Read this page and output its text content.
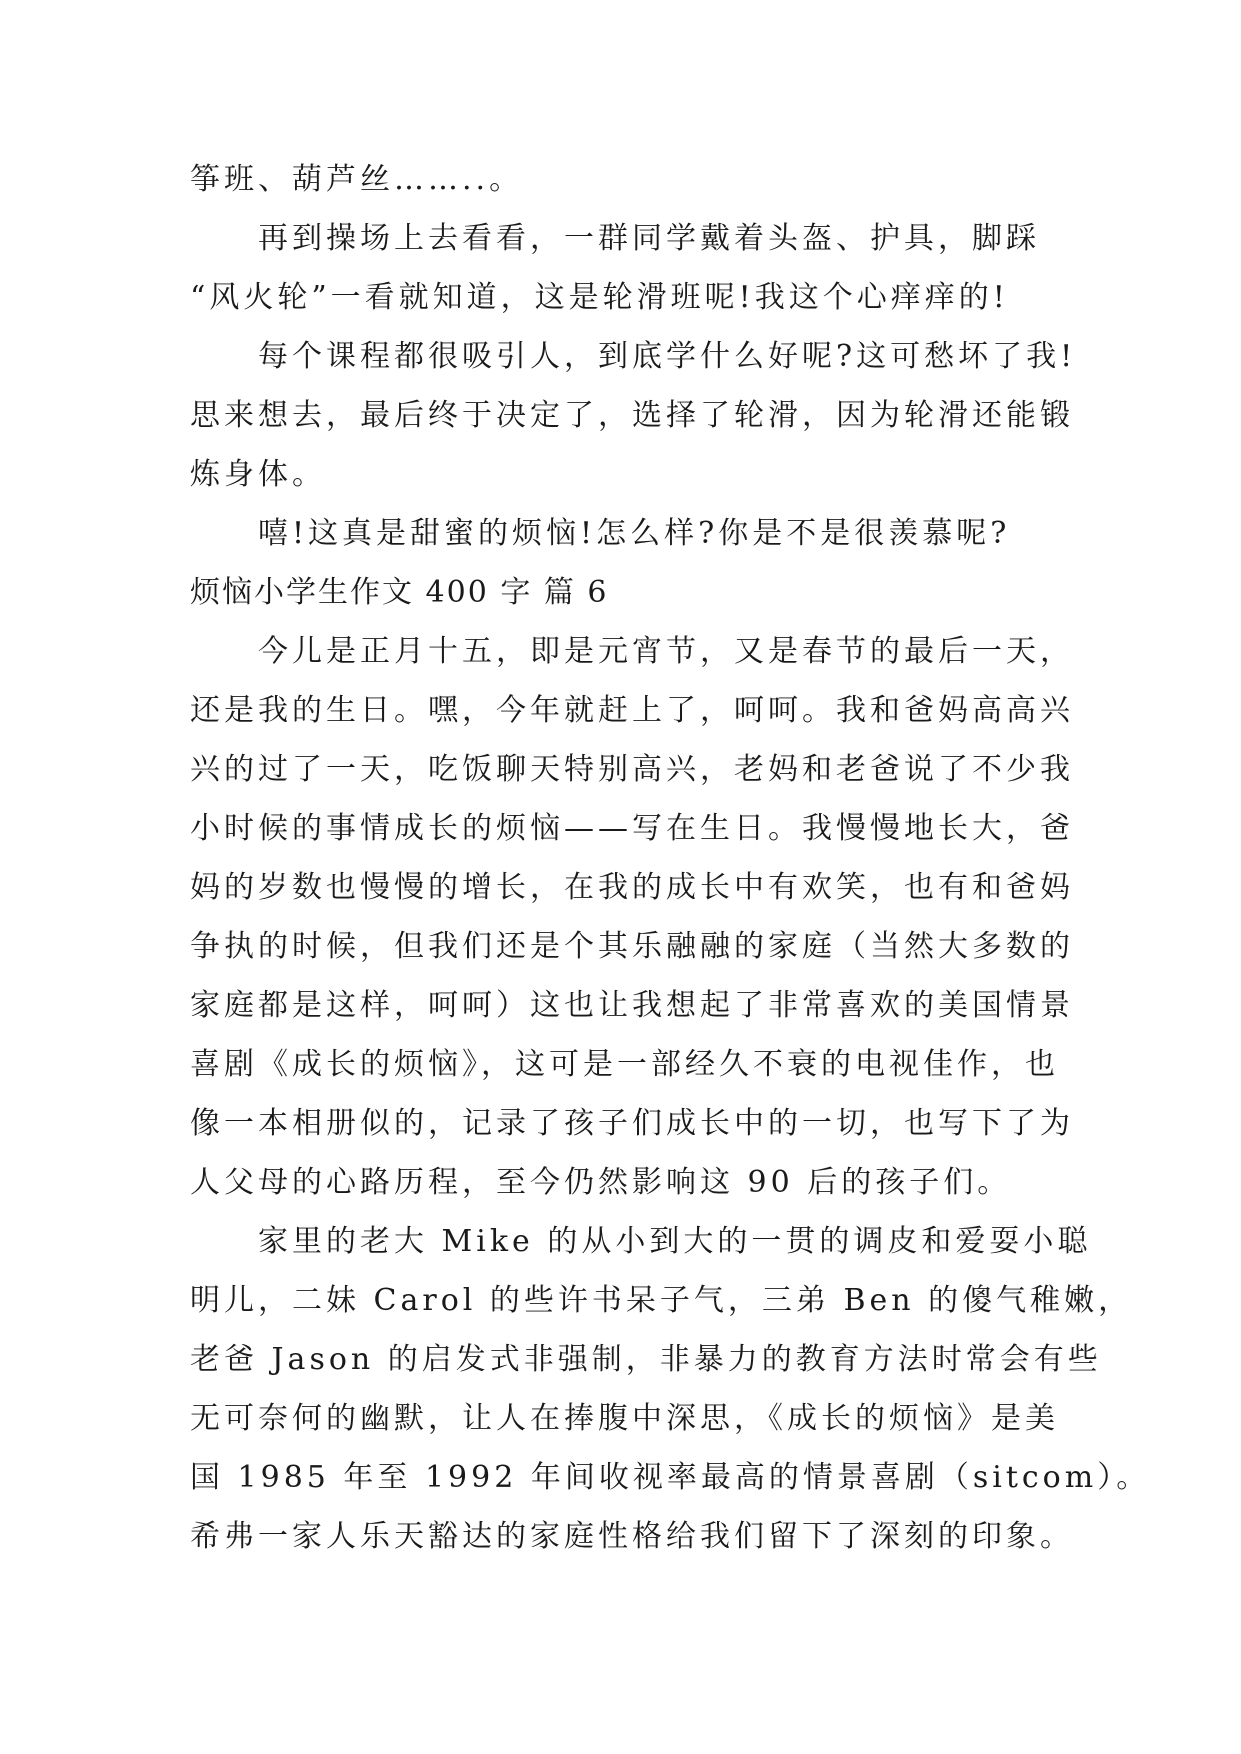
筝班、葫芦丝……..。
再到操场上去看看，一群同学戴着头盔、护具，脚踩
“风火轮”一看就知道，这是轮滑班呢!我这个心痒痒的!
每个课程都很吸引人，到底学什么好呢?这可愁坏了我!
思来想去，最后终于决定了，选择了轮滑，因为轮滑还能锻
炼身体。
嘻!这真是甜蜜的烦恼!怎么样?你是不是很羡慕呢?
烦恼小学生作文 400 字 篇 6
今儿是正月十五，即是元宵节，又是春节的最后一天，
还是我的生日。嘿，今年就赶上了，呵呵。我和爸妈高高兴
兴的过了一天，吃饭聊天特别高兴，老妈和老爸说了不少我
小时候的事情成长的烦恼——写在生日。我慢慢地长大，爸
妈的岁数也慢慢的增长，在我的成长中有欢笑，也有和爸妈
争执的时候，但我们还是个其乐融融的家庭（当然大多数的
家庭都是这样，呵呵）这也让我想起了非常喜欢的美国情景
喜剧《成长的烦恼》，这可是一部经久不衰的电视佳作，也
像一本相册似的，记录了孩子们成长中的一切，也写下了为
人父母的心路历程，至今仍然影响这 90 后的孩子们。
家里的老大 Mike 的从小到大的一贯的调皮和爱耍小聪
明儿，二妹 Carol 的些许书呆子气，三弟 Ben 的傻气稚嫩，
老爸 Jason 的启发式非强制，非暴力的教育方法时常会有些
无可奈何的幽默，让人在捧腹中深思，《成长的烦恼》是美
国 1985 年至 1992 年间收视率最高的情景喜剧（sitcom）。
希弗一家人乐天豁达的家庭性格给我们留下了深刻的印象。
